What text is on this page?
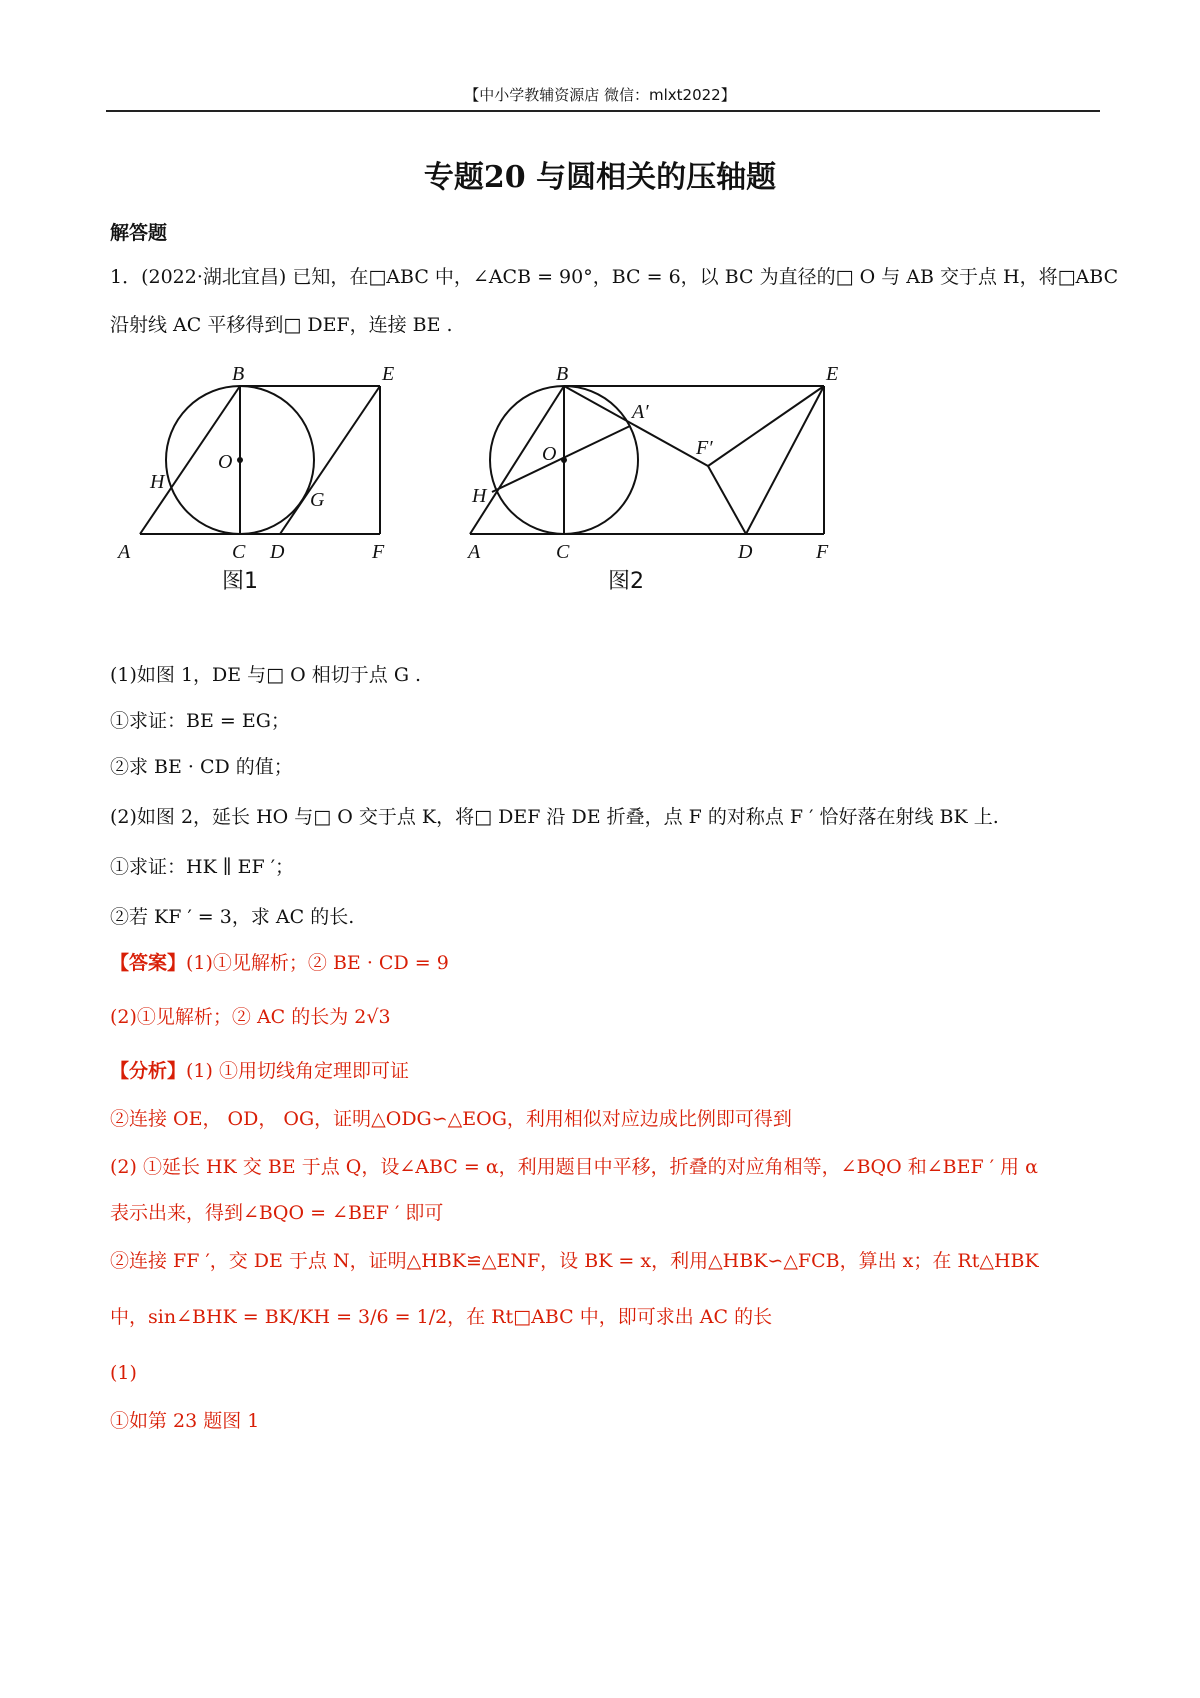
【中小学教辅资源店 微信：mlxt2022】
专题20 与圆相关的压轴题
解答题
1．(2022·湖北宜昌) 已知，在□ABC 中，∠ACB = 90°，BC = 6，以 BC 为直径的□ O 与 AB 交于点 H，将□ABC
沿射线 AC 平移得到□ DEF，连接 BE .
B	E
O
H
G
A	C D	F
图1
B	E
A′
F′
O
H
A	C	D	F
图2
(1)如图 1，DE 与□ O 相切于点 G .
①求证：BE = EG；
②求 BE · CD 的值；
(2)如图 2，延长 HO 与□ O 交于点 K，将□ DEF 沿 DE 折叠，点 F 的对称点 F ′ 恰好落在射线 BK 上.
①求证：HK ∥ EF ′；
②若 KF ′ = 3，求 AC 的长.
【答案】(1)①见解析；② BE · CD = 9
(2)①见解析；② AC 的长为 2√3
【分析】(1) ①用切线角定理即可证
②连接 OE， OD， OG，证明△ODG∽△EOG，利用相似对应边成比例即可得到
(2) ①延长 HK 交 BE 于点 Q，设∠ABC = α，利用题目中平移，折叠的对应角相等，∠BQO 和∠BEF ′ 用 α
表示出来，得到∠BQO = ∠BEF ′ 即可
②连接 FF ′，交 DE 于点 N，证明△HBK≌△ENF，设 BK = x，利用△HBK∽△FCB，算出 x；在 Rt△HBK
中，sin∠BHK = BK/KH = 3/6 = 1/2，在 Rt□ABC 中，即可求出 AC 的长
(1)
①如第 23 题图 1
